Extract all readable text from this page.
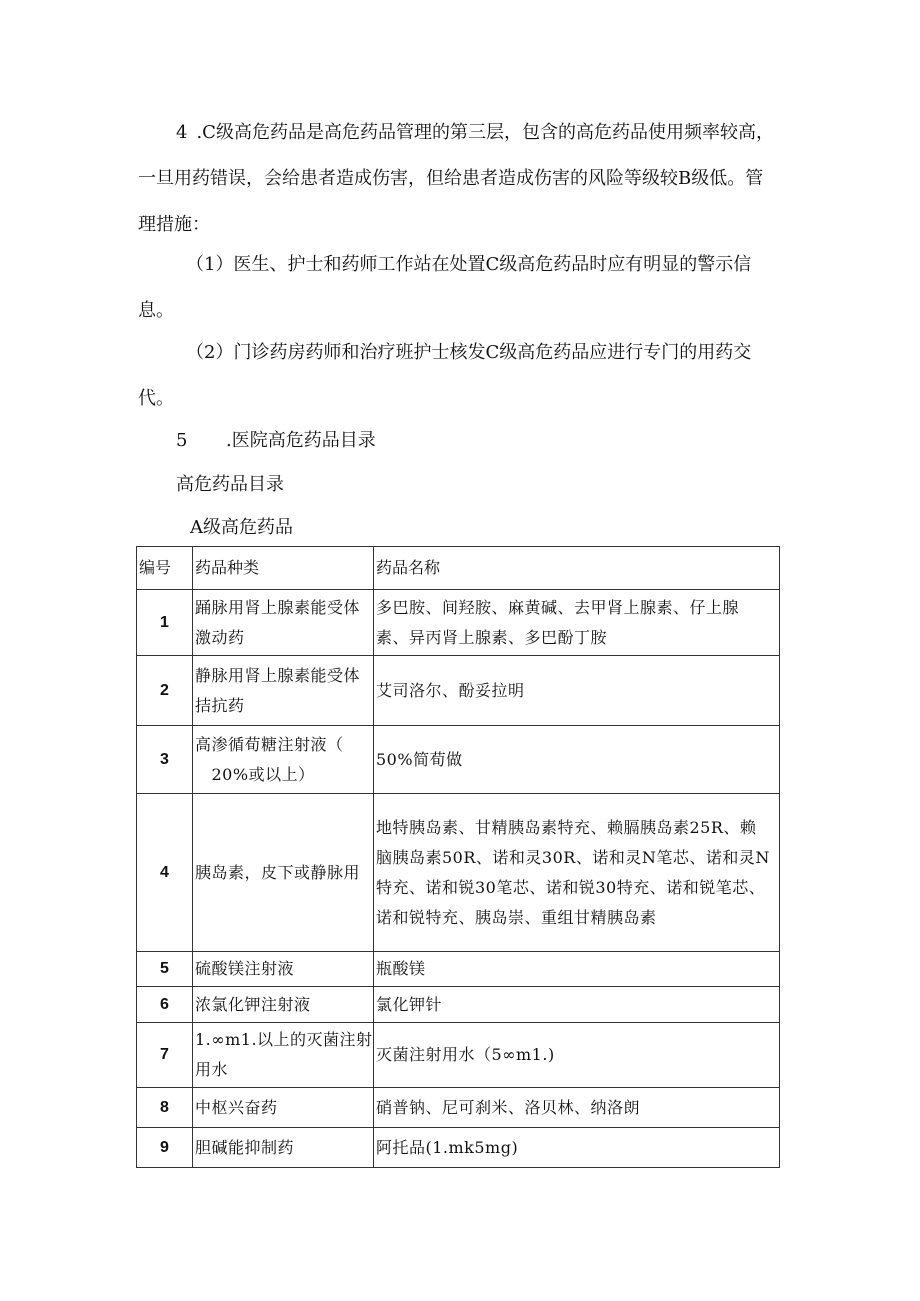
4 .C级高危药品是高危药品管理的第三层，包含的高危药品使用频率较高，
一旦用药错误，会给患者造成伤害，但给患者造成伤害的风险等级较B级低。管
理措施：
（1）医生、护士和药师工作站在处置C级高危药品时应有明显的警示信
息。
（2）门诊药房药师和治疗班护士核发C级高危药品应进行专门的用药交
代。
5 .医院高危药品目录
高危药品目录
A级高危药品
编号	药品种类	药品名称
1	踊脉用肾上腺素能受体
激动药	多巴胺、间羟胺、麻黄碱、去甲肾上腺素、仔上腺
素、异丙肾上腺素、多巴酚丁胺

2	静脉用肾上腺素能受体
拮抗药	艾司洛尔、酚妥拉明

3	高渗循荀糖注射液（
 20%或以上）	50%简荀做

4	胰岛素，皮下或静脉用	地特胰岛素、甘精胰岛素特充、赖膈胰岛素25R、赖
脑胰岛素50R、诺和灵30R、诺和灵N笔芯、诺和灵N
特充、诺和锐30笔芯、诺和锐30特充、诺和锐笔芯、
诺和锐特充、胰岛崇、重组甘精胰岛素

5	硫酸镁注射液	瓶酸镁

6	浓氯化钾注射液	氯化钾针

7	1.∞m1.以上的灭菌注射
用水	灭菌注射用水（5∞m1.)

8	中枢兴奋药	硝普钠、尼可刹米、洛贝林、纳洛朗

9	胆碱能抑制药	阿托品(1.mk5mg)
